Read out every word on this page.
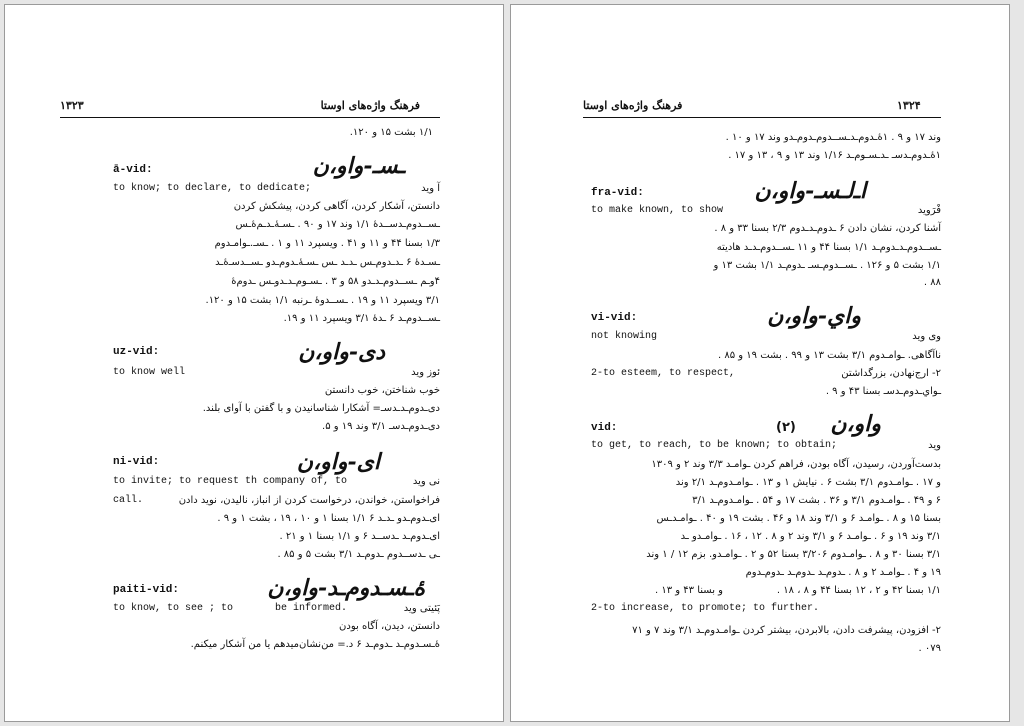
۱۳۲۳	فرهنگ واژه‌های اوستا
۱/۱ بشت ۱۵ و ۱۲۰.
ā-vid:	ـسـ-واو،ن
to know; to declare, to dedicate;	آ وید
دانستن، آشکار کردن، آگاهی کردن، پیشکش کردن
ـسـ‌ـدوم‌ـدسـ‌ـدۀ ۱/۱ وند ۱۷ و ۹۰ . ـسـۀ‌ـدـم‌ۀ‌ـس
۱/۳ بسنا ۴۴ و ۱۱ و ۴۱ . ویسپرد ۱۱ و ۱ . ـسـ.ـوامـدوم
ـسـدۀ ۶ ـد‌ـدوم‌ـس ـد‌ـد ـس ـسـۀ‌ـدوم‌ـدو ـسـ‌ـدسـ‌ۀ‌ـد
۴و‌ـم ـسـ‌ـدوم‌ـدـدو ۵۸ و ۳ . ـسـوم‌ـدـدو‌ـس ـدوم‌ۀ
۳/۱ ویسپرد ۱۱ و ۱۹ . ـسـ‌ـدوۀ ـرنبه ۱/۱ بشت ۱۵ و ۱۲۰.
ـسـ‌ـدوم‌ـد ۶ ‌ـدۀ ۳/۱ ویسپرد ۱۱ و ۱۹.
uz-vid:	دی-واو،ن
to know well	ئوز وید
خوب شناختن، خوب دانستن
دی‌ـدوم‌ـد‌ـدسـ= آشکارا شناسانیدن و با گفتن با آوای بلند.
دی‌ـدوم‌ـدسـ ۳/۱ وند ۱۹ و ۵.
ni-vid:	ای-واو،ن
to invite; to request th company of, to	نی وید
call.	فراخواستن، خواندن، درخواست کردن از انباز، ناليدن، نويد دادن
ای‌ـدوم‌ـدو ـد‌ـد ۶ ۱/۱ بسنا ۱ و ۱۰ ، ۱۹ ، بشت ۱ و ۹ .
ای‌ـدوم‌ـد ـدسـ‌ـد ۶ و ۱/۱ بسنا ۱ و ۲۱ .
ـی ـدسـ‌ـدوم ـدوم‌ـد ۳/۱ بشت ۵ و ۸۵ .
paiti-vid:	ۀـسـدوم‌ـد-واو،ن
to know, to see ; to	be informed.	پَئیتی وید
دانستن، دیدن، آگاه بودن
ۀـسـدوم‌ـد ـدوم‌ـد ۶ د.= من‌نشان‌میدهم یا من آشکار میکنم.
فرهنگ واژه‌های اوستا	۱۳۲۴
وند ۱۷ و ۹ . ۱ۀـدوم‌ـد‌ـسـ‌ـدوم‌ـدوم‌ـدو وند ۱۷ و ۱۰ .
۱ۀـدوم‌ـدسـ ـد‌ـسـوم‌ـد ۱/۱۶ وند ۱۳ و ۹ ، ۱۳ و ۱۷ .
fra-vid:	اـ‌لـسـ-واو،ن
to make known, to show	فْرَوید
آشنا کردن، نشان دادن ۶ ‌ـدوم‌ـد‌ـدوم ۲/۳ بسنا ۳۳ و ۸ .
ـسـ‌ـدوم‌ـد‌ـدوم‌ـد ۱/۱ بسنا ۴۴ و ۱۱ ـسـ‌ـدوم‌ـدـد هادیته
۱/۱ بشت ۵ و ۱۲۶ . ـسـ‌ـدوم‌ـسـ ـدوم‌ـد ۱/۱ بشت ۱۳ و
۸۸ .
vi-vid:	واي-واو،ن
not knowing	وی وید
ناآگاهی. ـوامـدوم ۳/۱ بشت ۱۳ و ۹۹ . بشت ۱۹ و ۸۵ .
۲- ارج‌نهادن، بزرگداشتن
2-to esteem, to respect,
ـواي‌ـدوم‌ـدسـ بسنا ۴۳ و ۹ .
vid:	(۲)	واو،ن
to get, to reach, to be known; to obtain;	وید
بدست‌آوردن، رسیدن، آگاه بودن، فراهم کردن ـوامـد ۳/۳ وند ۲ و ۱۳۰۹
و ۱۷ . ـوامـدوم ۳/۱ بشت ۶ . نیایش ۱ و ۱۳ . ـوامـدوم‌ـد ۲/۱ وند
۶ و ۴۹ . ـوامـدوم ۳/۱ و ۳۶ . بشت ۱۷ و ۵۴ . ـوامـدوم‌ـد ۳/۱
بسنا ۱۵ و ۸ . ـوامـد ۶ و ۳/۱ وند ۱۸ و ۴۶ . بشت ۱۹ و ۴۰ . ـوامـد‌ـس
۳/۱ وند ۱۹ و ۶ . ـوامـد ۶ و ۳/۱ وند ۲ و ۸ . ۱۲ ، ۱۶ . ـوامـدو ـد
۳/۱ بسنا ۳۰ و ۸ . ـوامـدوم ۳/۲۰۶ بسنا ۵۲ و ۲ . ـوامـدو. بزم ۱۲ / ۱ وند
۱۹ و ۴ . ـوامـد ۲ و ۸ . ـدوم‌ـد ـدوم‌ـد ـدوم‌ـدوم
۱/۱ بسنا ۴۲ و ۲ ، ۱۲ بسنا ۴۴ و ۸ ، ۱۸ .
و بسنا ۴۳ و ۱۳ .
2-to increase, to promote; to further.
۲- افزودن، پیشرفت دادن، بالابردن، بیشتر کردن ـوامـدوم‌ـد ۳/۱ وند ۷ و ۷۱
۰۷۹ .
